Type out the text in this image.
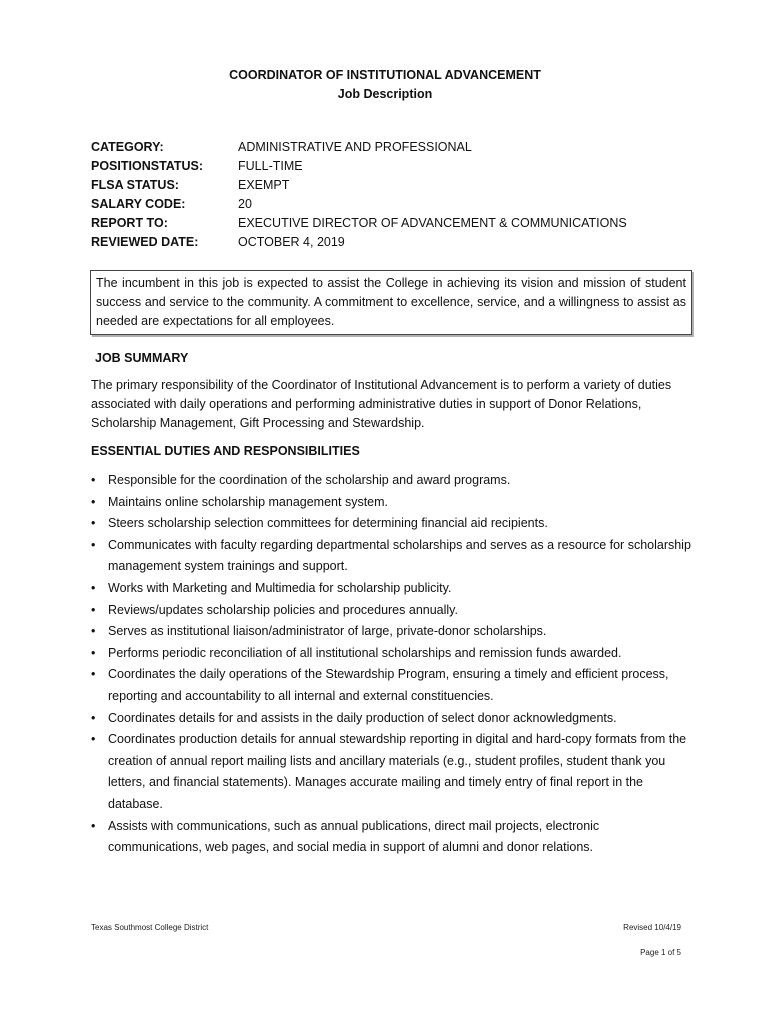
COORDINATOR OF INSTITUTIONAL ADVANCEMENT
Job Description
CATEGORY:	ADMINISTRATIVE AND PROFESSIONAL
POSITIONSTATUS:	FULL-TIME
FLSA STATUS:	EXEMPT
SALARY CODE:	20
REPORT TO:	EXECUTIVE DIRECTOR OF ADVANCEMENT & COMMUNICATIONS
REVIEWED DATE:	OCTOBER 4, 2019
The incumbent in this job is expected to assist the College in achieving its vision and mission of student success and service to the community. A commitment to excellence, service, and a willingness to assist as needed are expectations for all employees.
JOB SUMMARY
The primary responsibility of the Coordinator of Institutional Advancement is to perform a variety of duties associated with daily operations and performing administrative duties in support of Donor Relations, Scholarship Management, Gift Processing and Stewardship.
ESSENTIAL DUTIES AND RESPONSIBILITIES
• Responsible for the coordination of the scholarship and award programs.
• Maintains online scholarship management system.
• Steers scholarship selection committees for determining financial aid recipients.
• Communicates with faculty regarding departmental scholarships and serves as a resource for scholarship management system trainings and support.
• Works with Marketing and Multimedia for scholarship publicity.
• Reviews/updates scholarship policies and procedures annually.
• Serves as institutional liaison/administrator of large, private-donor scholarships.
• Performs periodic reconciliation of all institutional scholarships and remission funds awarded.
• Coordinates the daily operations of the Stewardship Program, ensuring a timely and efficient process, reporting and accountability to all internal and external constituencies.
• Coordinates details for and assists in the daily production of select donor acknowledgments.
• Coordinates production details for annual stewardship reporting in digital and hard-copy formats from the creation of annual report mailing lists and ancillary materials (e.g., student profiles, student thank you letters, and financial statements). Manages accurate mailing and timely entry of final report in the database.
• Assists with communications, such as annual publications, direct mail projects, electronic communications, web pages, and social media in support of alumni and donor relations.
Texas Southmost College District	Revised 10/4/19
Page 1 of 5
